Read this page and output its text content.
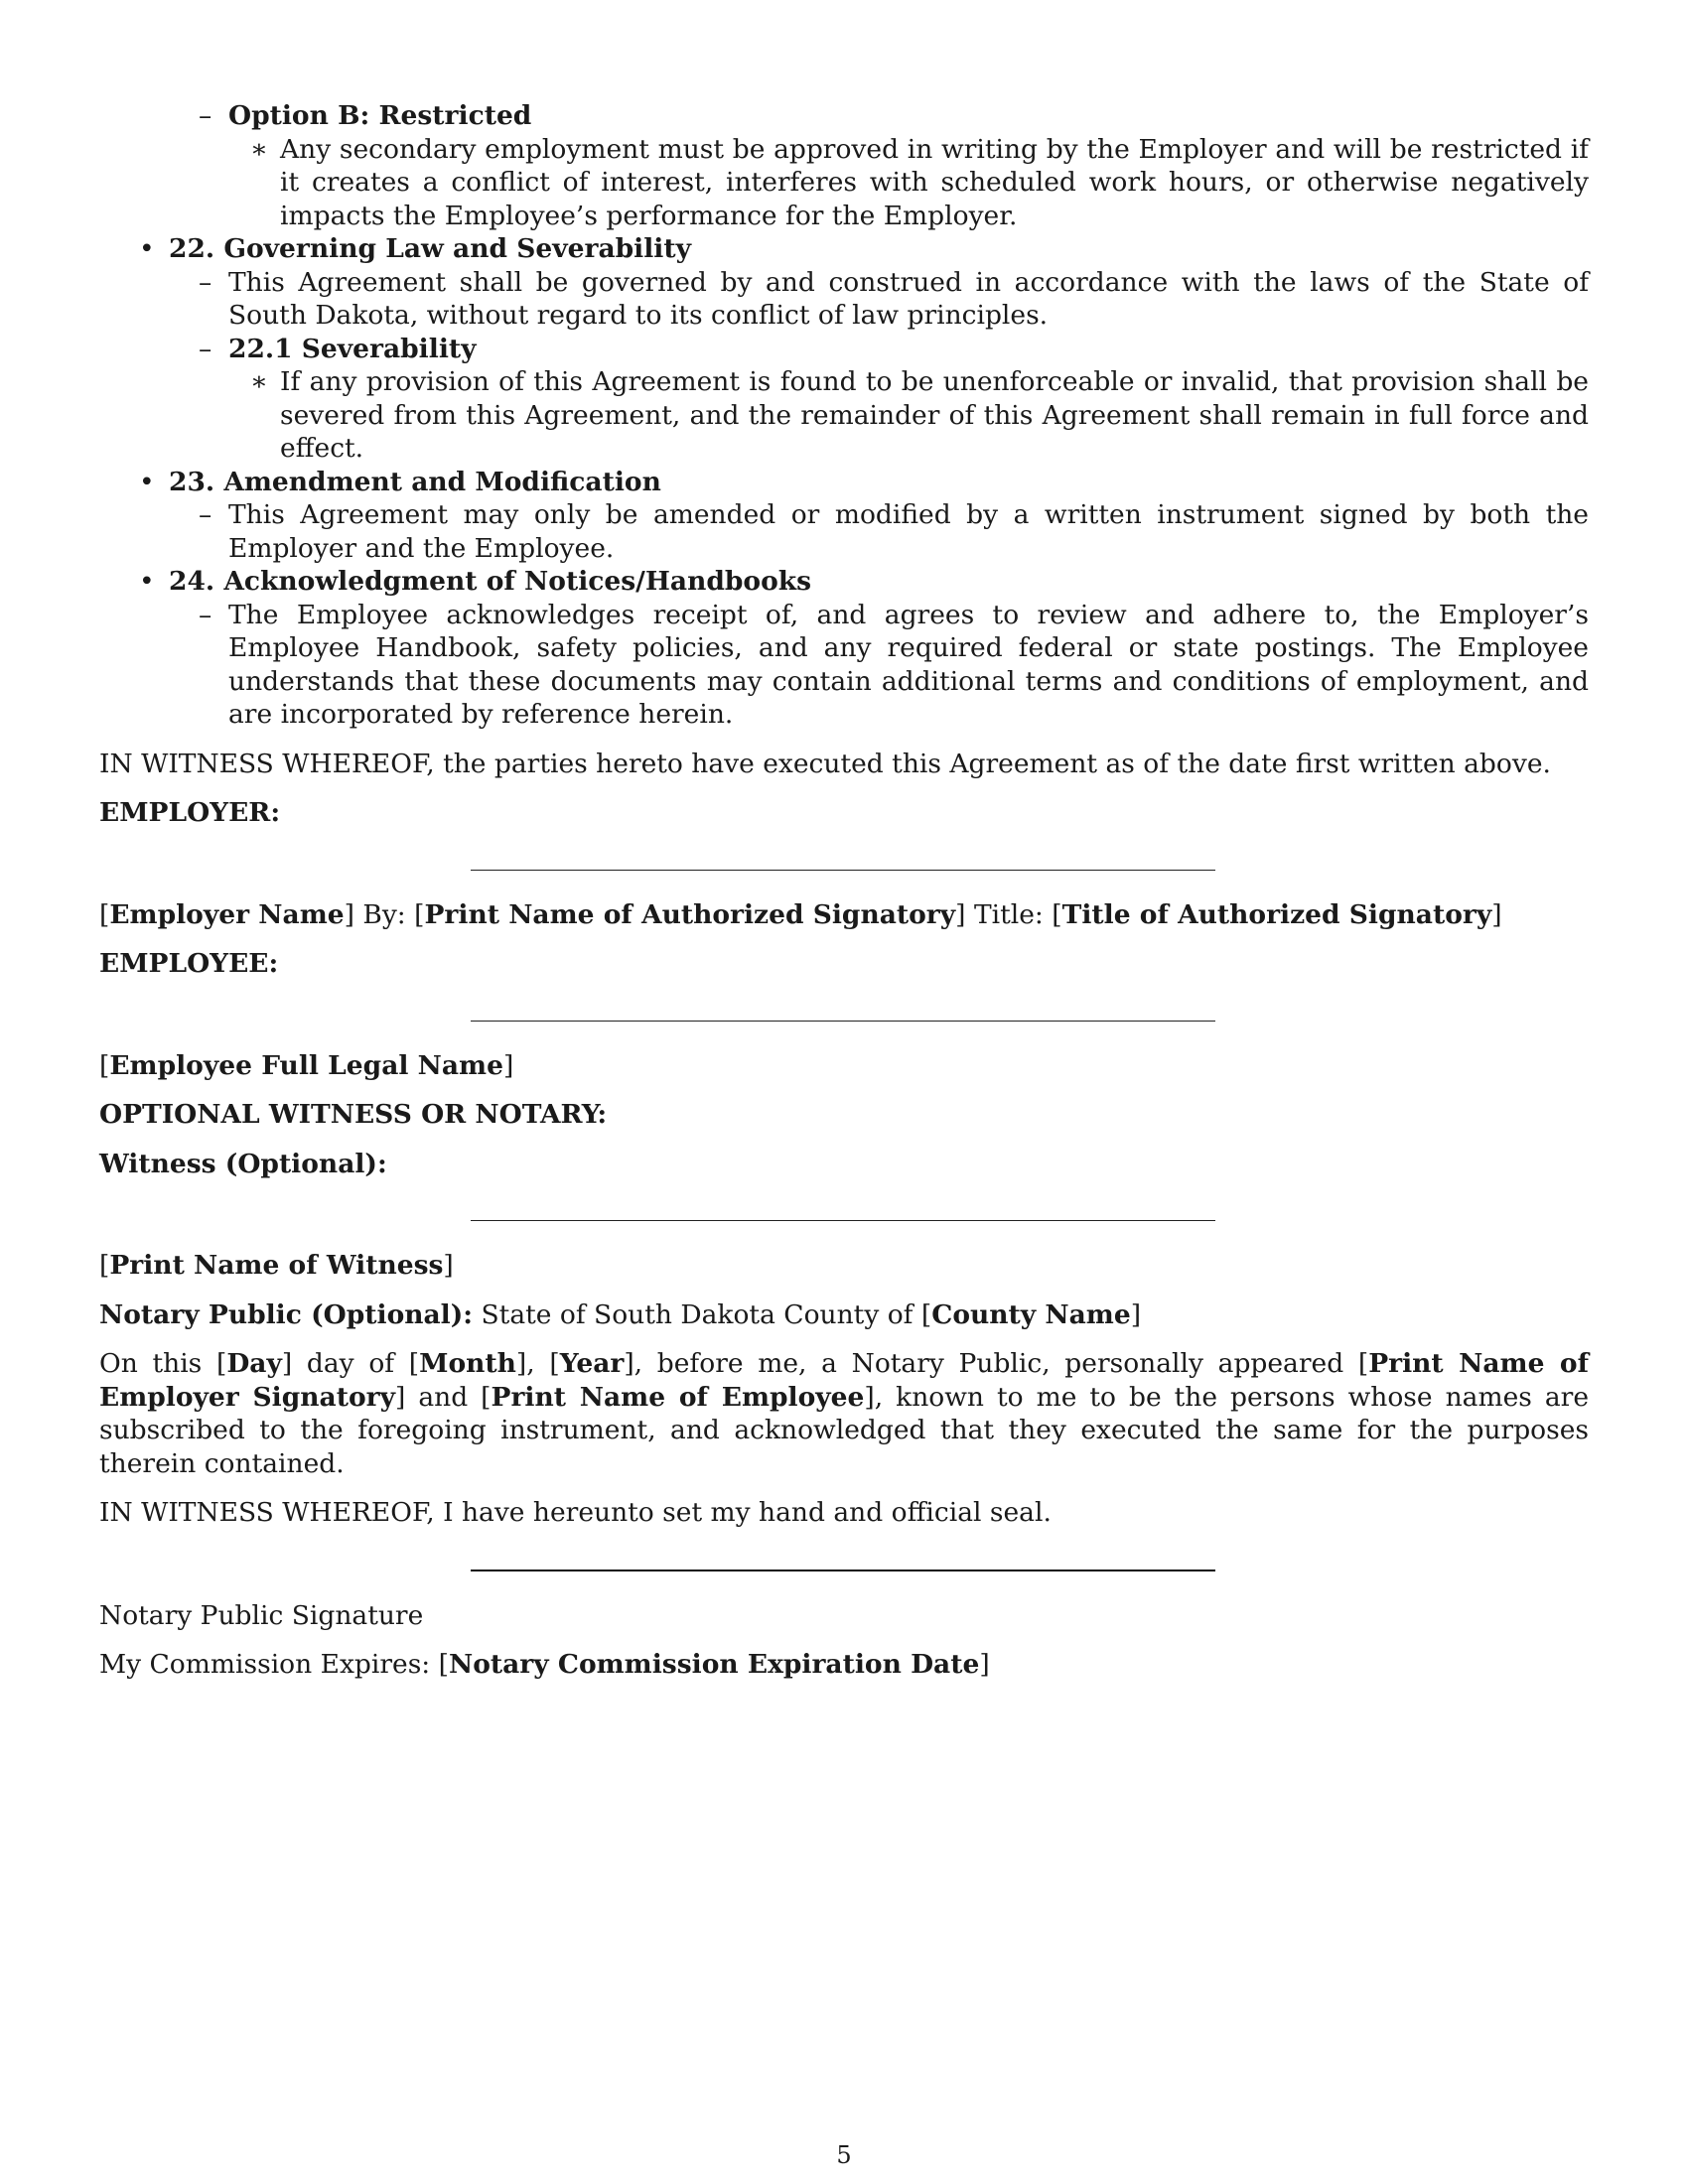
– Option B: Restricted
∗ Any secondary employment must be approved in writing by the Employer and will be restricted if it creates a conflict of interest, interferes with scheduled work hours, or otherwise negatively impacts the Employee’s performance for the Employer.
• 22. Governing Law and Severability
– This Agreement shall be governed by and construed in accordance with the laws of the State of South Dakota, without regard to its conflict of law principles.
– 22.1 Severability
∗ If any provision of this Agreement is found to be unenforceable or invalid, that provision shall be severed from this Agreement, and the remainder of this Agreement shall remain in full force and effect.
• 23. Amendment and Modification
– This Agreement may only be amended or modified by a written instrument signed by both the Employer and the Employee.
• 24. Acknowledgment of Notices/Handbooks
– The Employee acknowledges receipt of, and agrees to review and adhere to, the Employer’s Employee Handbook, safety policies, and any required federal or state postings. The Employee understands that these documents may contain additional terms and conditions of employment, and are incorporated by reference herein.
IN WITNESS WHEREOF, the parties hereto have executed this Agreement as of the date first written above.
EMPLOYER:
[Employer Name] By: [Print Name of Authorized Signatory] Title: [Title of Authorized Signatory]
EMPLOYEE:
[Employee Full Legal Name]
OPTIONAL WITNESS OR NOTARY:
Witness (Optional):
[Print Name of Witness]
Notary Public (Optional): State of South Dakota County of [County Name]
On this [Day] day of [Month], [Year], before me, a Notary Public, personally appeared [Print Name of Employer Signatory] and [Print Name of Employee], known to me to be the persons whose names are subscribed to the foregoing instrument, and acknowledged that they executed the same for the purposes therein contained.
IN WITNESS WHEREOF, I have hereunto set my hand and official seal.
Notary Public Signature
My Commission Expires: [Notary Commission Expiration Date]
5
